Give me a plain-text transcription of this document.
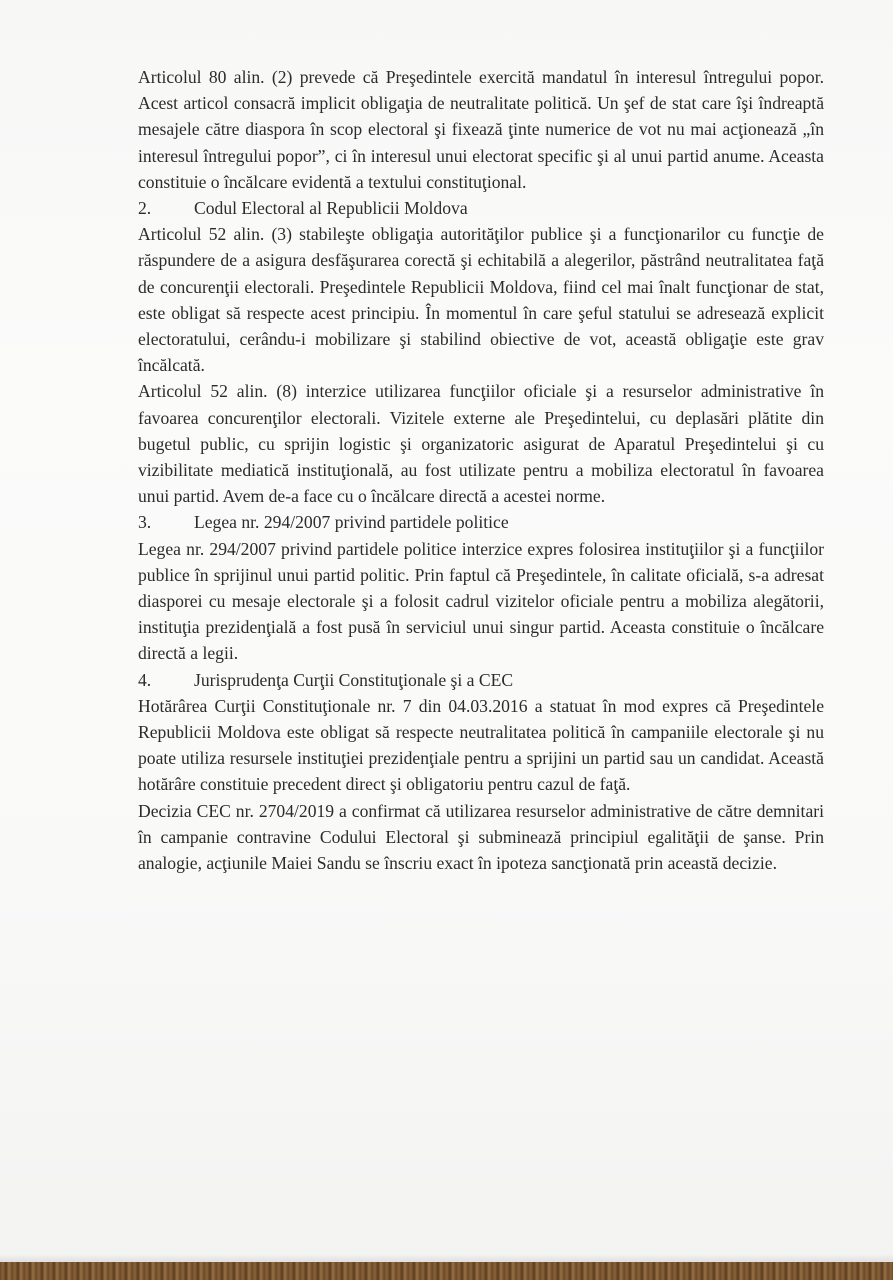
Articolul 80 alin. (2) prevede că Preşedintele exercită mandatul în interesul întregului popor. Acest articol consacră implicit obligaţia de neutralitate politică. Un şef de stat care îşi îndreaptă mesajele către diaspora în scop electoral şi fixează ţinte numerice de vot nu mai acţionează „în interesul întregului popor”, ci în interesul unui electorat specific şi al unui partid anume. Aceasta constituie o încălcare evidentă a textului constituţional.

2. Codul Electoral al Republicii Moldova

Articolul 52 alin. (3) stabileşte obligaţia autorităţilor publice şi a funcţionarilor cu funcţie de răspundere de a asigura desfăşurarea corectă şi echitabilă a alegerilor, păstrând neutralitatea faţă de concurenţii electorali. Preşedintele Republicii Moldova, fiind cel mai înalt funcţionar de stat, este obligat să respecte acest principiu. În momentul în care şeful statului se adresează explicit electoratului, cerându-i mobilizare şi stabilind obiective de vot, această obligaţie este grav încălcată.

Articolul 52 alin. (8) interzice utilizarea funcţiilor oficiale şi a resurselor administrative în favoarea concurenţilor electorali. Vizitele externe ale Preşedintelui, cu deplasări plătite din bugetul public, cu sprijin logistic şi organizatoric asigurat de Aparatul Preşedintelui şi cu vizibilitate mediatică instituţională, au fost utilizate pentru a mobiliza electoratul în favoarea unui partid. Avem de-a face cu o încălcare directă a acestei norme.

3. Legea nr. 294/2007 privind partidele politice

Legea nr. 294/2007 privind partidele politice interzice expres folosirea instituţiilor şi a funcţiilor publice în sprijinul unui partid politic. Prin faptul că Preşedintele, în calitate oficială, s-a adresat diasporei cu mesaje electorale şi a folosit cadrul vizitelor oficiale pentru a mobiliza alegătorii, instituţia prezidenţială a fost pusă în serviciul unui singur partid. Aceasta constituie o încălcare directă a legii.

4. Jurisprudenţa Curţii Constituţionale şi a CEC

Hotărârea Curţii Constituţionale nr. 7 din 04.03.2016 a statuat în mod expres că Preşedintele Republicii Moldova este obligat să respecte neutralitatea politică în campaniile electorale şi nu poate utiliza resursele instituţiei prezidenţiale pentru a sprijini un partid sau un candidat. Această hotărâre constituie precedent direct şi obligatoriu pentru cazul de faţă.

Decizia CEC nr. 2704/2019 a confirmat că utilizarea resurselor administrative de către demnitari în campanie contravine Codului Electoral şi subminează principiul egalităţii de şanse. Prin analogie, acţiunile Maiei Sandu se înscriu exact în ipoteza sancţionată prin această decizie.
